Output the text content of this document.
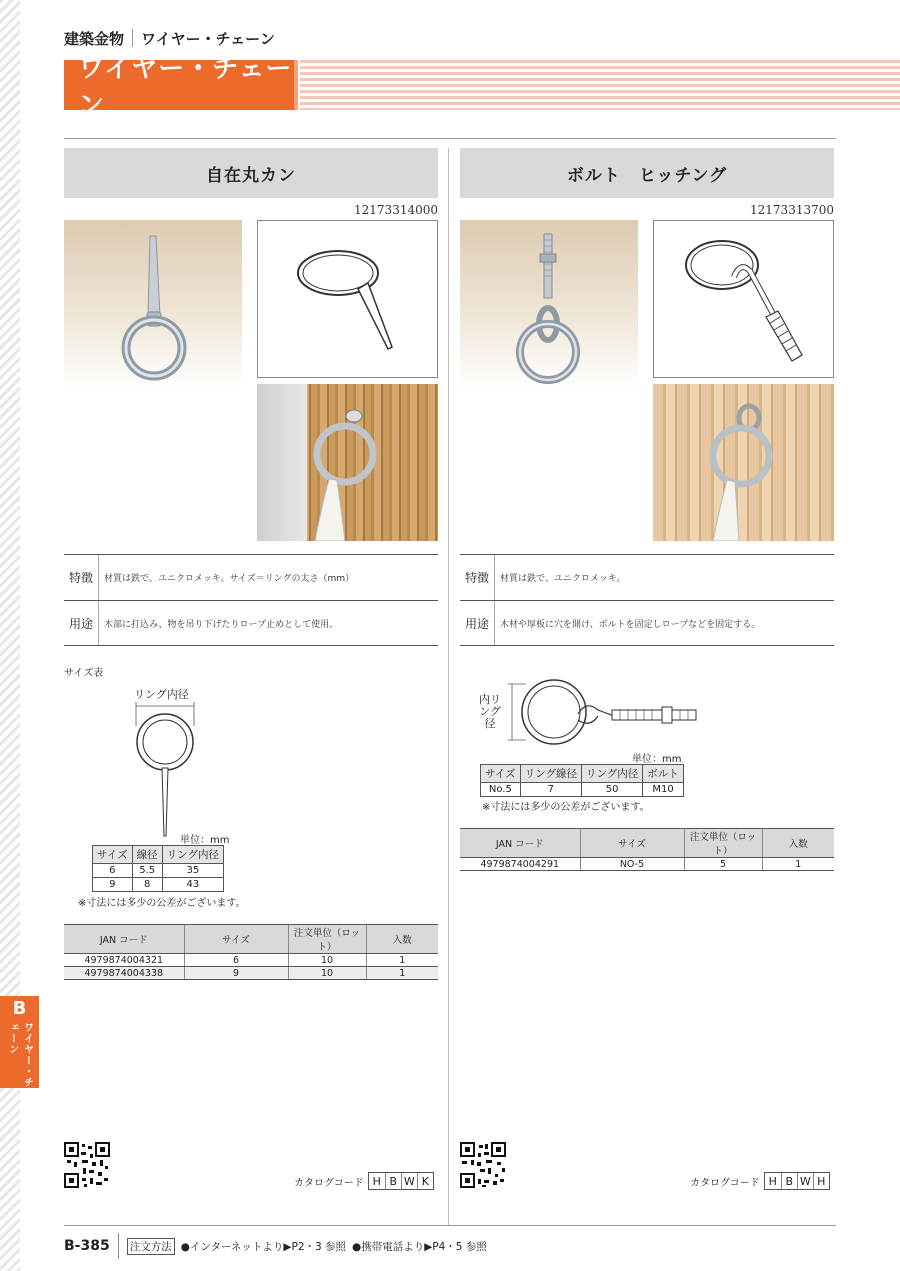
建築金物 ワイヤー・チェーン
ワイヤー・チェーン
自在丸カン
12173314000
特徴	材質は鉄で、ユニクロメッキ。サイズ＝リングの太さ（mm）
用途	木部に打込み、物を吊り下げたりロープ止めとして使用。
サイズ表
リング内径
単位：mm
サイズ	線径	リング内径
6	5.5	35
9	8	43
※寸法には多少の公差がございます。
JAN コード	サイズ	注文単位（ロット）	入数
4979874004321	6	10	1
4979874004338	9	10	1
カタログコード H B W K
ボルト　ヒッチング
12173313700
特徴	材質は鉄で、ユニクロメッキ。
用途	木材や厚板に穴を開け、ボルトを固定しロープなどを固定する。
内リング径
単位：mm
サイズ	リング線径	リング内径	ボルト
No.5	7	50	M10
※寸法には多少の公差がございます。
JAN コード	サイズ	注文単位（ロット）	入数
4979874004291	NO-5	5	1
カタログコード H B W H
B
ワイヤー・チェーン
B-385 注文方法 ●インターネットより▶P2・3 参照 ●携帯電話より▶P4・5 参照
